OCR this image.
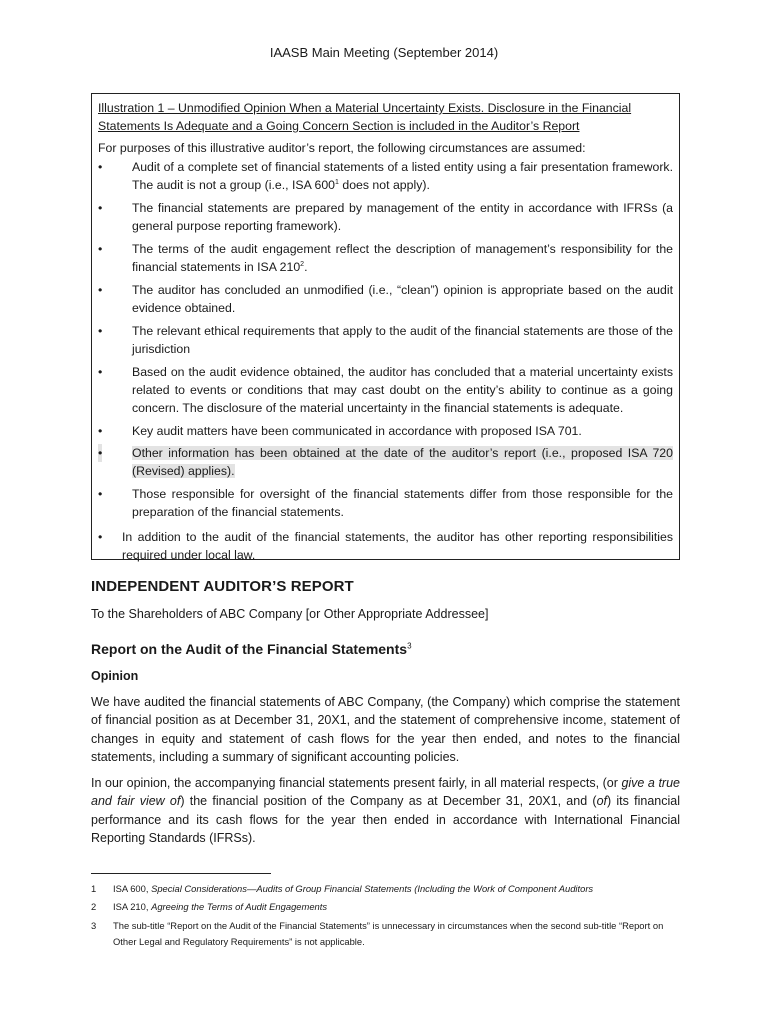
IAASB Main Meeting (September 2014)
Illustration 1 – Unmodified Opinion When a Material Uncertainty Exists. Disclosure in the Financial Statements Is Adequate and a Going Concern Section is included in the Auditor’s Report
For purposes of this illustrative auditor’s report, the following circumstances are assumed:
• Audit of a complete set of financial statements of a listed entity using a fair presentation framework. The audit is not a group (i.e., ISA $600^1$ does not apply).
• The financial statements are prepared by management of the entity in accordance with IFRSs (a general purpose reporting framework).
• The terms of the audit engagement reflect the description of management’s responsibility for the financial statements in ISA $210^2$.
• The auditor has concluded an unmodified (i.e., “clean”) opinion is appropriate based on the audit evidence obtained.
• The relevant ethical requirements that apply to the audit of the financial statements are those of the jurisdiction
• Based on the audit evidence obtained, the auditor has concluded that a material uncertainty exists related to events or conditions that may cast doubt on the entity’s ability to continue as a going concern. The disclosure of the material uncertainty in the financial statements is adequate.
• Key audit matters have been communicated in accordance with proposed ISA 701.
• Other information has been obtained at the date of the auditor’s report (i.e., proposed ISA 720 (Revised) applies).
• Those responsible for oversight of the financial statements differ from those responsible for the preparation of the financial statements.
• In addition to the audit of the financial statements, the auditor has other reporting responsibilities required under local law.
INDEPENDENT AUDITOR’S REPORT
To the Shareholders of ABC Company [or Other Appropriate Addressee]
Report on the Audit of the Financial Statements$^3$
Opinion
We have audited the financial statements of ABC Company, (the Company) which comprise the statement of financial position as at December 31, 20X1, and the statement of comprehensive income, statement of changes in equity and statement of cash flows for the year then ended, and notes to the financial statements, including a summary of significant accounting policies.
In our opinion, the accompanying financial statements present fairly, in all material respects, (or give a true and fair view of) the financial position of the Company as at December 31, 20X1, and (of) its financial performance and its cash flows for the year then ended in accordance with International Financial Reporting Standards (IFRSs).
1	ISA 600, Special Considerations—Audits of Group Financial Statements (Including the Work of Component Auditors
2	ISA 210, Agreeing the Terms of Audit Engagements
3	The sub-title “Report on the Audit of the Financial Statements” is unnecessary in circumstances when the second sub-title “Report on Other Legal and Regulatory Requirements” is not applicable.
